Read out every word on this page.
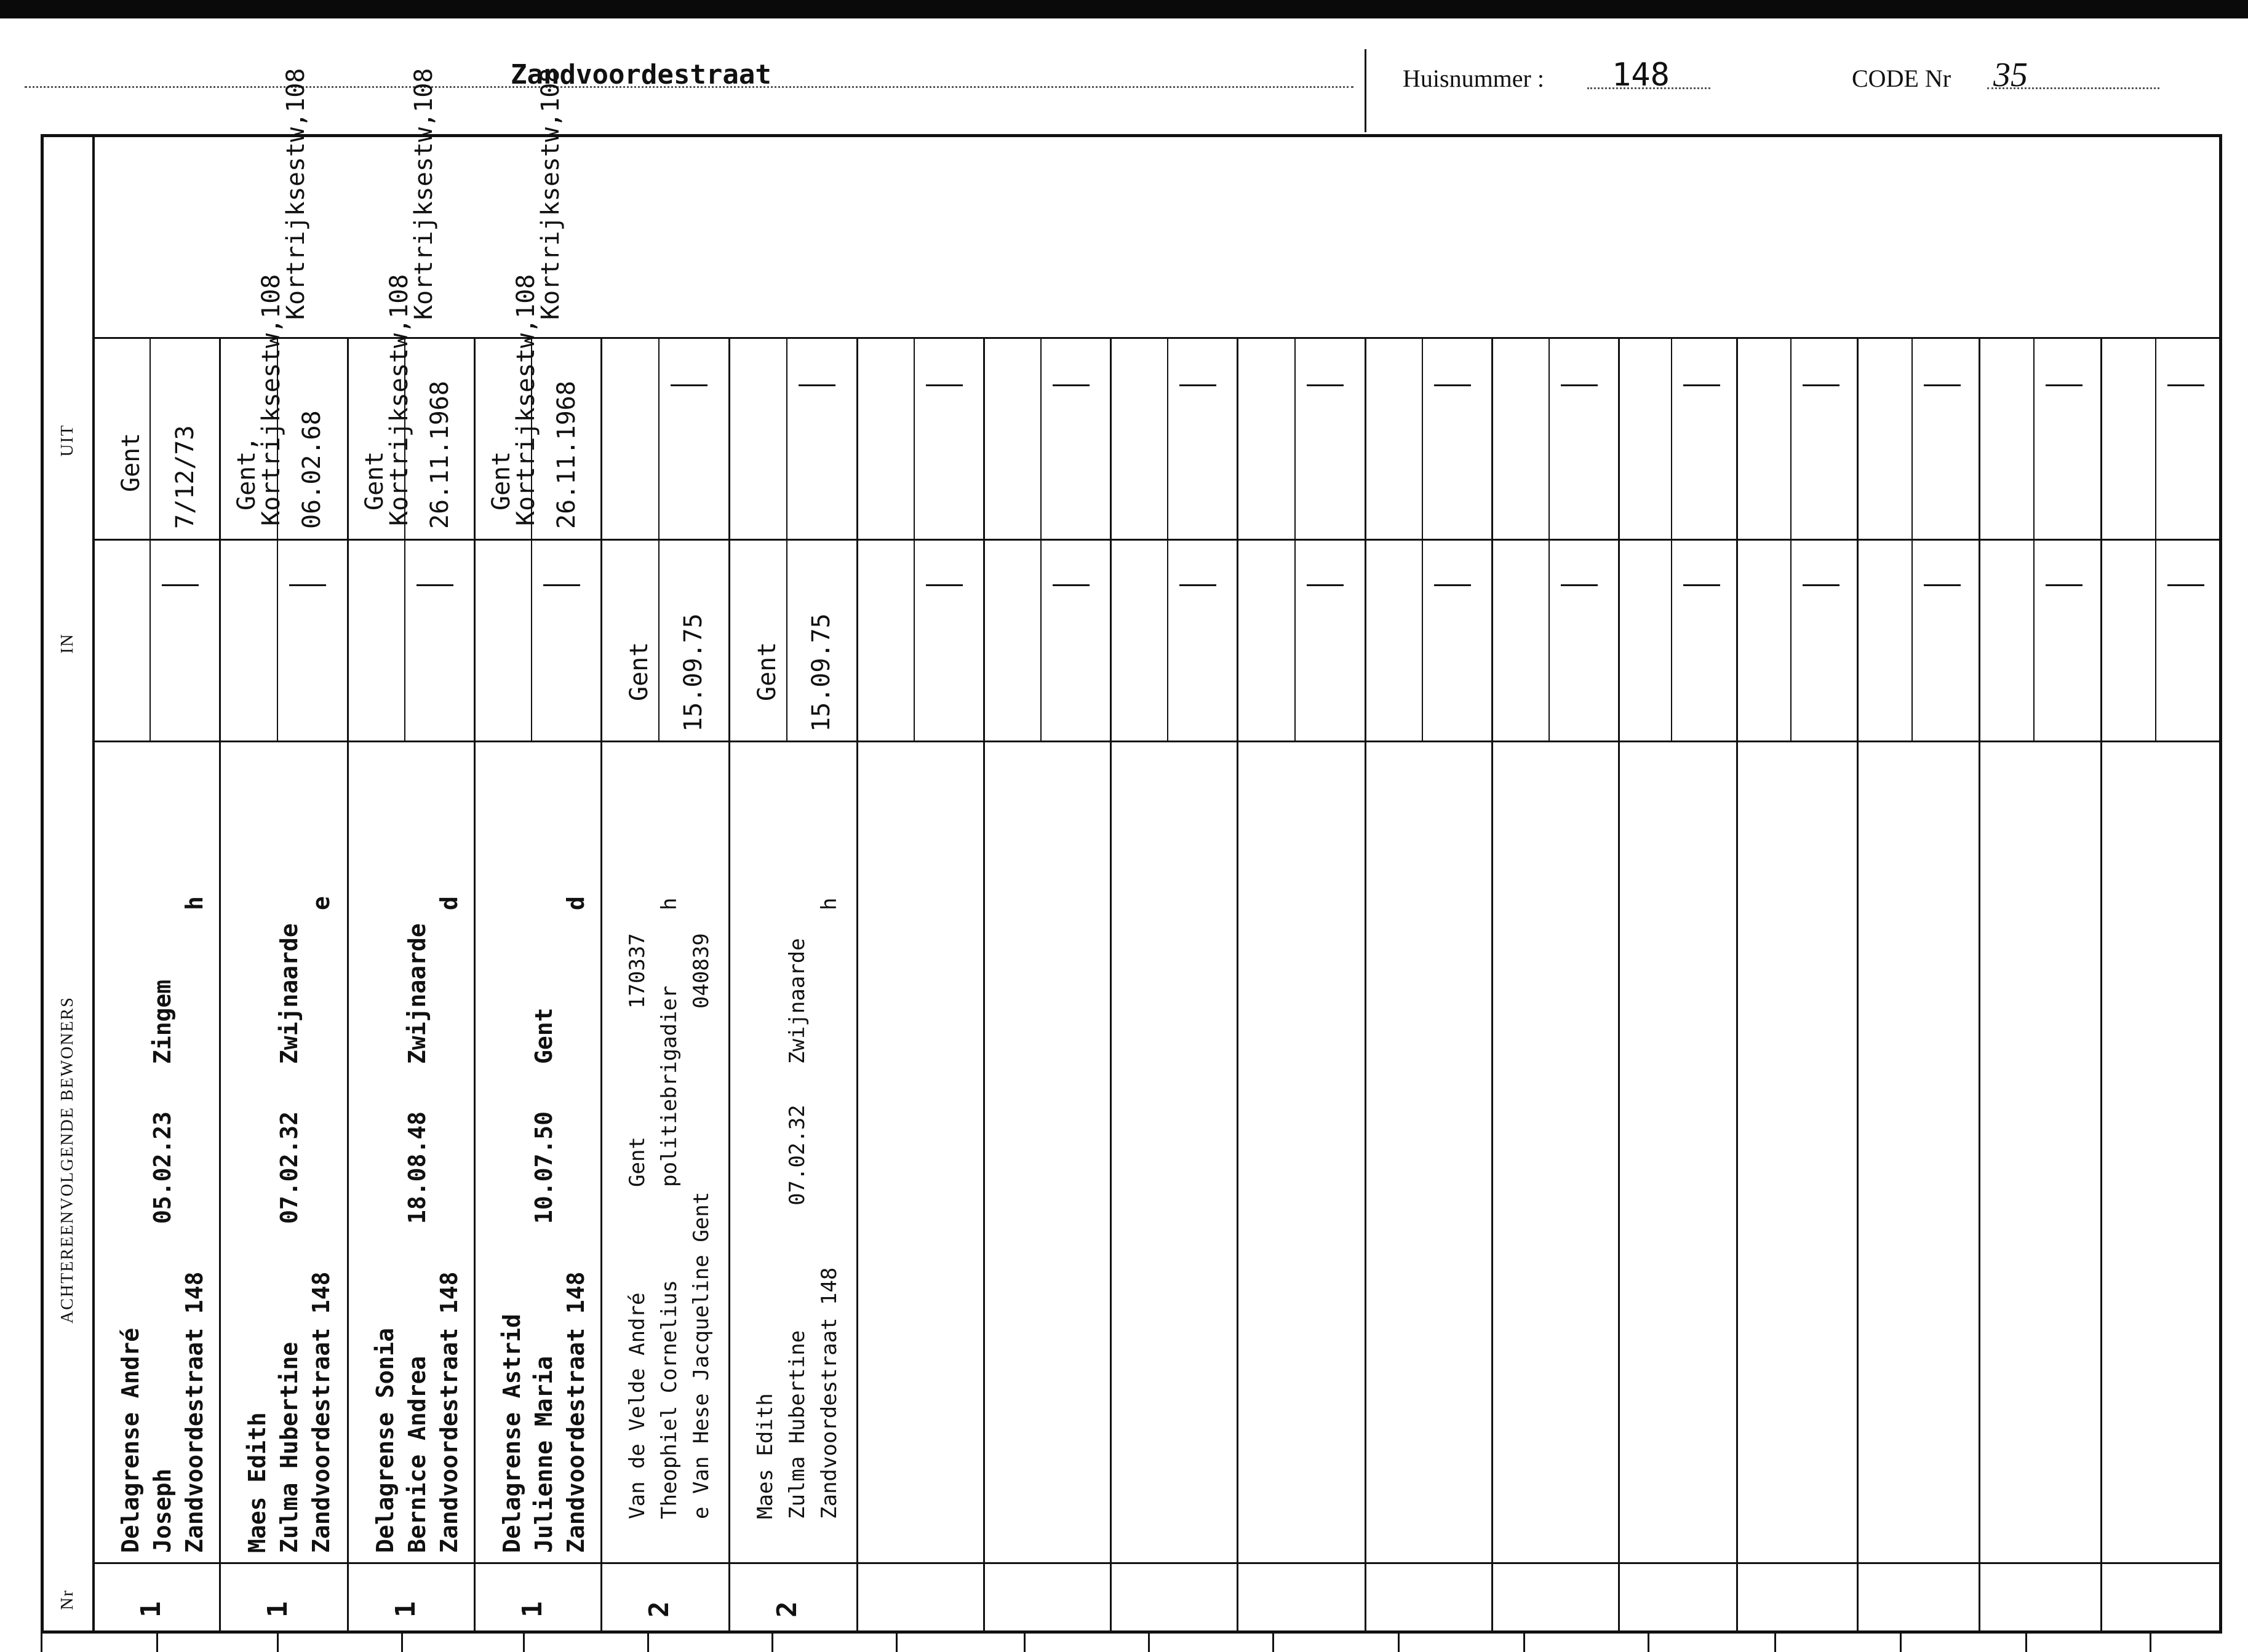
Zandvoordestraat	Huisnummer : 148	CODE Nr 35
UIT
IN
ACHTEREENVOLGENDE BEWONERS
Nr 1
Delagrense André Joseph Zandvoordestraat 148
05.02.23
Zingem
h
Gent 7/12/73
1
Maes Edith Zulma Hubertine Zandvoordestraat 148
07.02.32
Zwijnaarde
e
Gent,
Kortrijksestw,108
Kortrijksestw,108
06.02.68
1
Delagrense Sonia Bernice Andrea Zandvoordestraat 148
18.08.48
Zwijnaarde
d
Gent
Kortrijksestw,108
Kortrijksestw,108
26.11.1968
1
Delagrense Astrid Julienne Maria Zandvoordestraat 148
10.07.50
Gent
d
Gent
Kortrijksestw,108
Kortrijksestw,108
26.11.1968
2
Van de Velde André
Gent
170337
Theophiel Cornelius
politiebrigadier
h
e Van Hese Jacqueline Gent
040839
Gent 15.09.75
2
Maes Edith Zulma Hubertine Zandvoordestraat 148
07.02.32
Zwijnaarde
h
Gent 15.09.75
